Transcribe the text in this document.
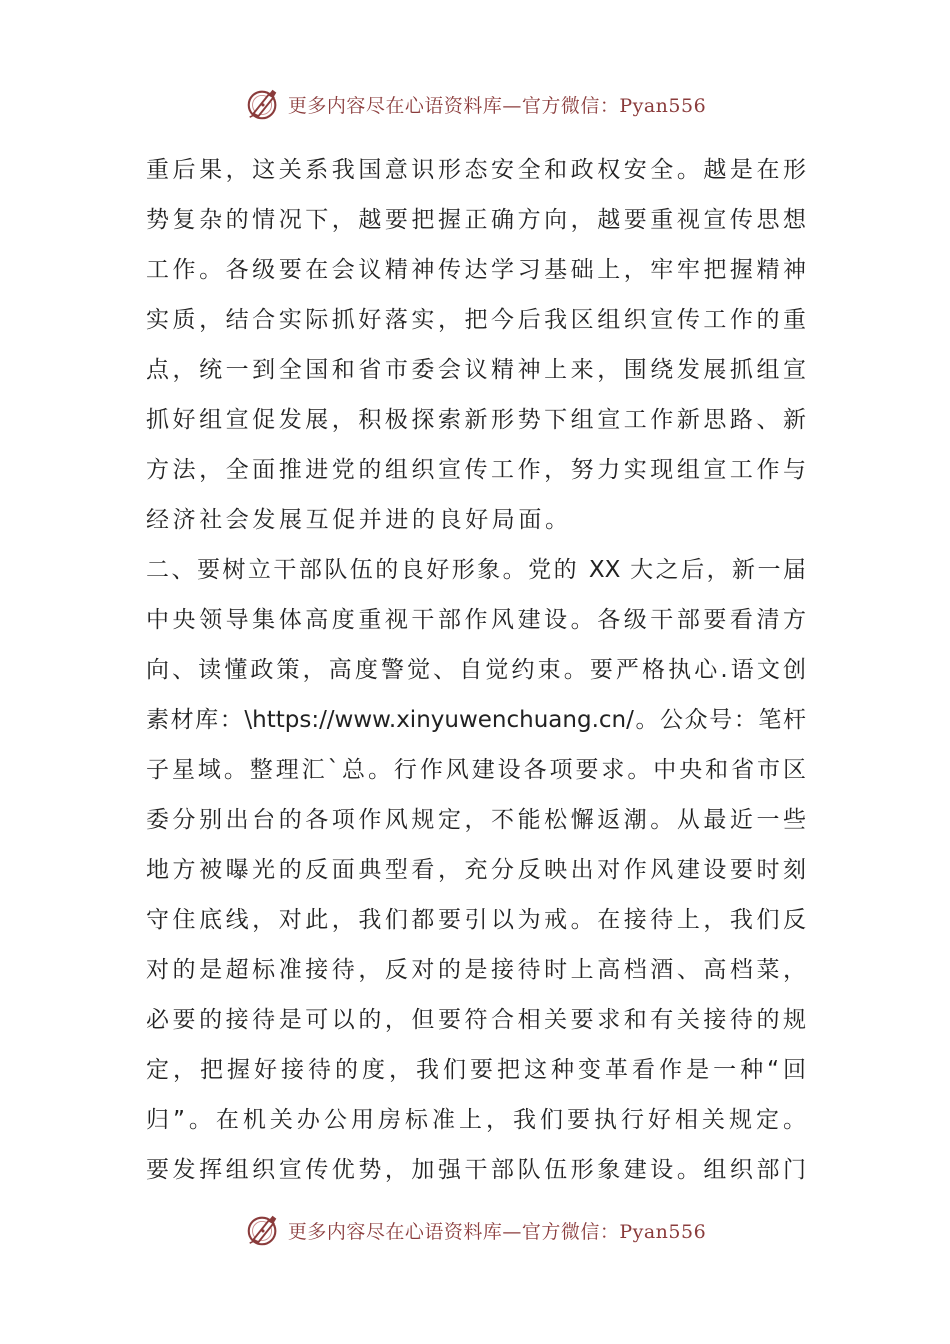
更多内容尽在心语资料库—官方微信：Pyan556
重后果，这关系我国意识形态安全和政权安全。越是在形
势复杂的情况下，越要把握正确方向，越要重视宣传思想
工作。各级要在会议精神传达学习基础上，牢牢把握精神
实质，结合实际抓好落实，把今后我区组织宣传工作的重
点，统一到全国和省市委会议精神上来，围绕发展抓组宣
抓好组宣促发展，积极探索新形势下组宣工作新思路、新
方法，全面推进党的组织宣传工作，努力实现组宣工作与
经济社会发展互促并进的良好局面。
二、要树立干部队伍的良好形象。党的 XX 大之后，新一届
中央领导集体高度重视干部作风建设。各级干部要看清方
向、读懂政策，高度警觉、自觉约束。要严格执心.语文创
素材库：\https://www.xinyuwenchuang.cn/。公众号：笔杆
子星域。整理汇`总。行作风建设各项要求。中央和省市区
委分别出台的各项作风规定，不能松懈返潮。从最近一些
地方被曝光的反面典型看，充分反映出对作风建设要时刻
守住底线，对此，我们都要引以为戒。在接待上，我们反
对的是超标准接待，反对的是接待时上高档酒、高档菜，
必要的接待是可以的，但要符合相关要求和有关接待的规
定，把握好接待的度，我们要把这种变革看作是一种“回
归”。在机关办公用房标准上，我们要执行好相关规定。
要发挥组织宣传优势，加强干部队伍形象建设。组织部门
更多内容尽在心语资料库—官方微信：Pyan556
